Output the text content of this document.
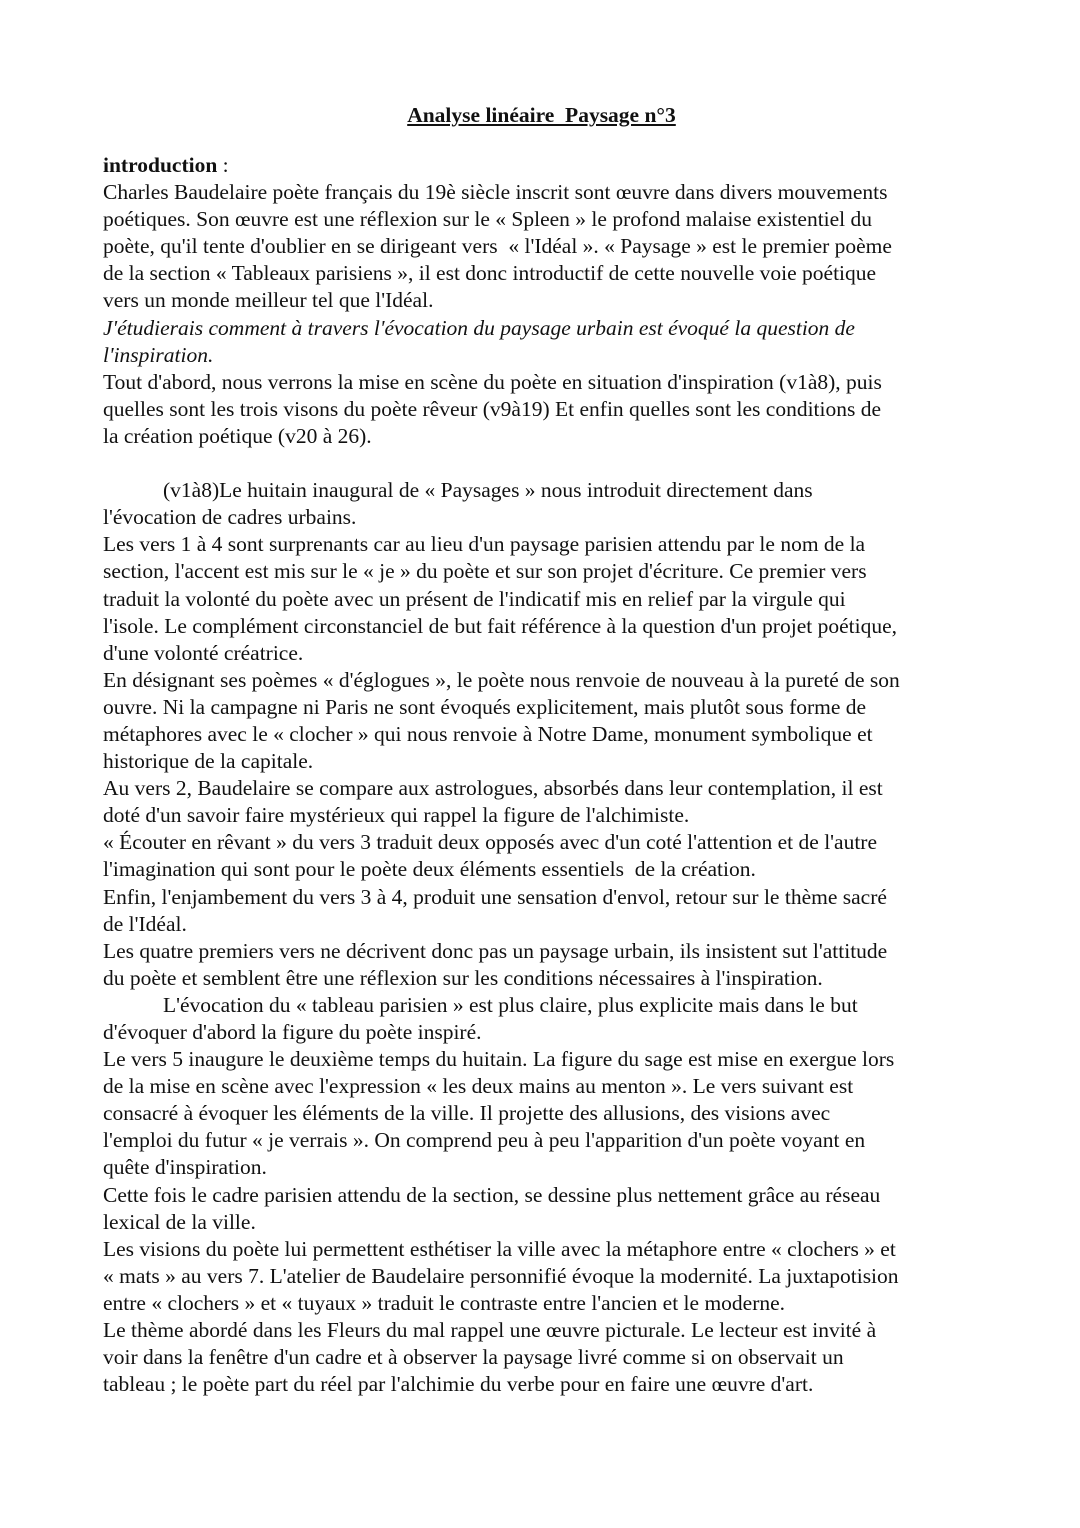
Analyse linéaire  Paysage n°3
introduction :
Charles Baudelaire poète français du 19è siècle inscrit sont œuvre dans divers mouvements
poétiques. Son œuvre est une réflexion sur le « Spleen » le profond malaise existentiel du
poète, qu'il tente d'oublier en se dirigeant vers  « l'Idéal ». « Paysage » est le premier poème
de la section « Tableaux parisiens », il est donc introductif de cette nouvelle voie poétique
vers un monde meilleur tel que l'Idéal.
J'étudierais comment à travers l'évocation du paysage urbain est évoqué la question de
l'inspiration.
Tout d'abord, nous verrons la mise en scène du poète en situation d'inspiration (v1à8), puis
quelles sont les trois visons du poète rêveur (v9à19) Et enfin quelles sont les conditions de
la création poétique (v20 à 26).
(v1à8)Le huitain inaugural de « Paysages » nous introduit directement dans
l'évocation de cadres urbains.
Les vers 1 à 4 sont surprenants car au lieu d'un paysage parisien attendu par le nom de la
section, l'accent est mis sur le « je » du poète et sur son projet d'écriture. Ce premier vers
traduit la volonté du poète avec un présent de l'indicatif mis en relief par la virgule qui
l'isole. Le complément circonstanciel de but fait référence à la question d'un projet poétique,
d'une volonté créatrice.
En désignant ses poèmes « d'églogues », le poète nous renvoie de nouveau à la pureté de son
ouvre. Ni la campagne ni Paris ne sont évoqués explicitement, mais plutôt sous forme de
métaphores avec le « clocher » qui nous renvoie à Notre Dame, monument symbolique et
historique de la capitale.
Au vers 2, Baudelaire se compare aux astrologues, absorbés dans leur contemplation, il est
doté d'un savoir faire mystérieux qui rappel la figure de l'alchimiste.
« Écouter en rêvant » du vers 3 traduit deux opposés avec d'un coté l'attention et de l'autre
l'imagination qui sont pour le poète deux éléments essentiels  de la création.
Enfin, l'enjambement du vers 3 à 4, produit une sensation d'envol, retour sur le thème sacré
de l'Idéal.
Les quatre premiers vers ne décrivent donc pas un paysage urbain, ils insistent sut l'attitude
du poète et semblent être une réflexion sur les conditions nécessaires à l'inspiration.
L'évocation du « tableau parisien » est plus claire, plus explicite mais dans le but
d'évoquer d'abord la figure du poète inspiré.
Le vers 5 inaugure le deuxième temps du huitain. La figure du sage est mise en exergue lors
de la mise en scène avec l'expression « les deux mains au menton ». Le vers suivant est
consacré à évoquer les éléments de la ville. Il projette des allusions, des visions avec
l'emploi du futur « je verrais ». On comprend peu à peu l'apparition d'un poète voyant en
quête d'inspiration.
Cette fois le cadre parisien attendu de la section, se dessine plus nettement grâce au réseau
lexical de la ville.
Les visions du poète lui permettent esthétiser la ville avec la métaphore entre « clochers » et
« mats » au vers 7. L'atelier de Baudelaire personnifié évoque la modernité. La juxtapotision
entre « clochers » et « tuyaux » traduit le contraste entre l'ancien et le moderne.
Le thème abordé dans les Fleurs du mal rappel une œuvre picturale. Le lecteur est invité à
voir dans la fenêtre d'un cadre et à observer la paysage livré comme si on observait un
tableau ; le poète part du réel par l'alchimie du verbe pour en faire une œuvre d'art.
